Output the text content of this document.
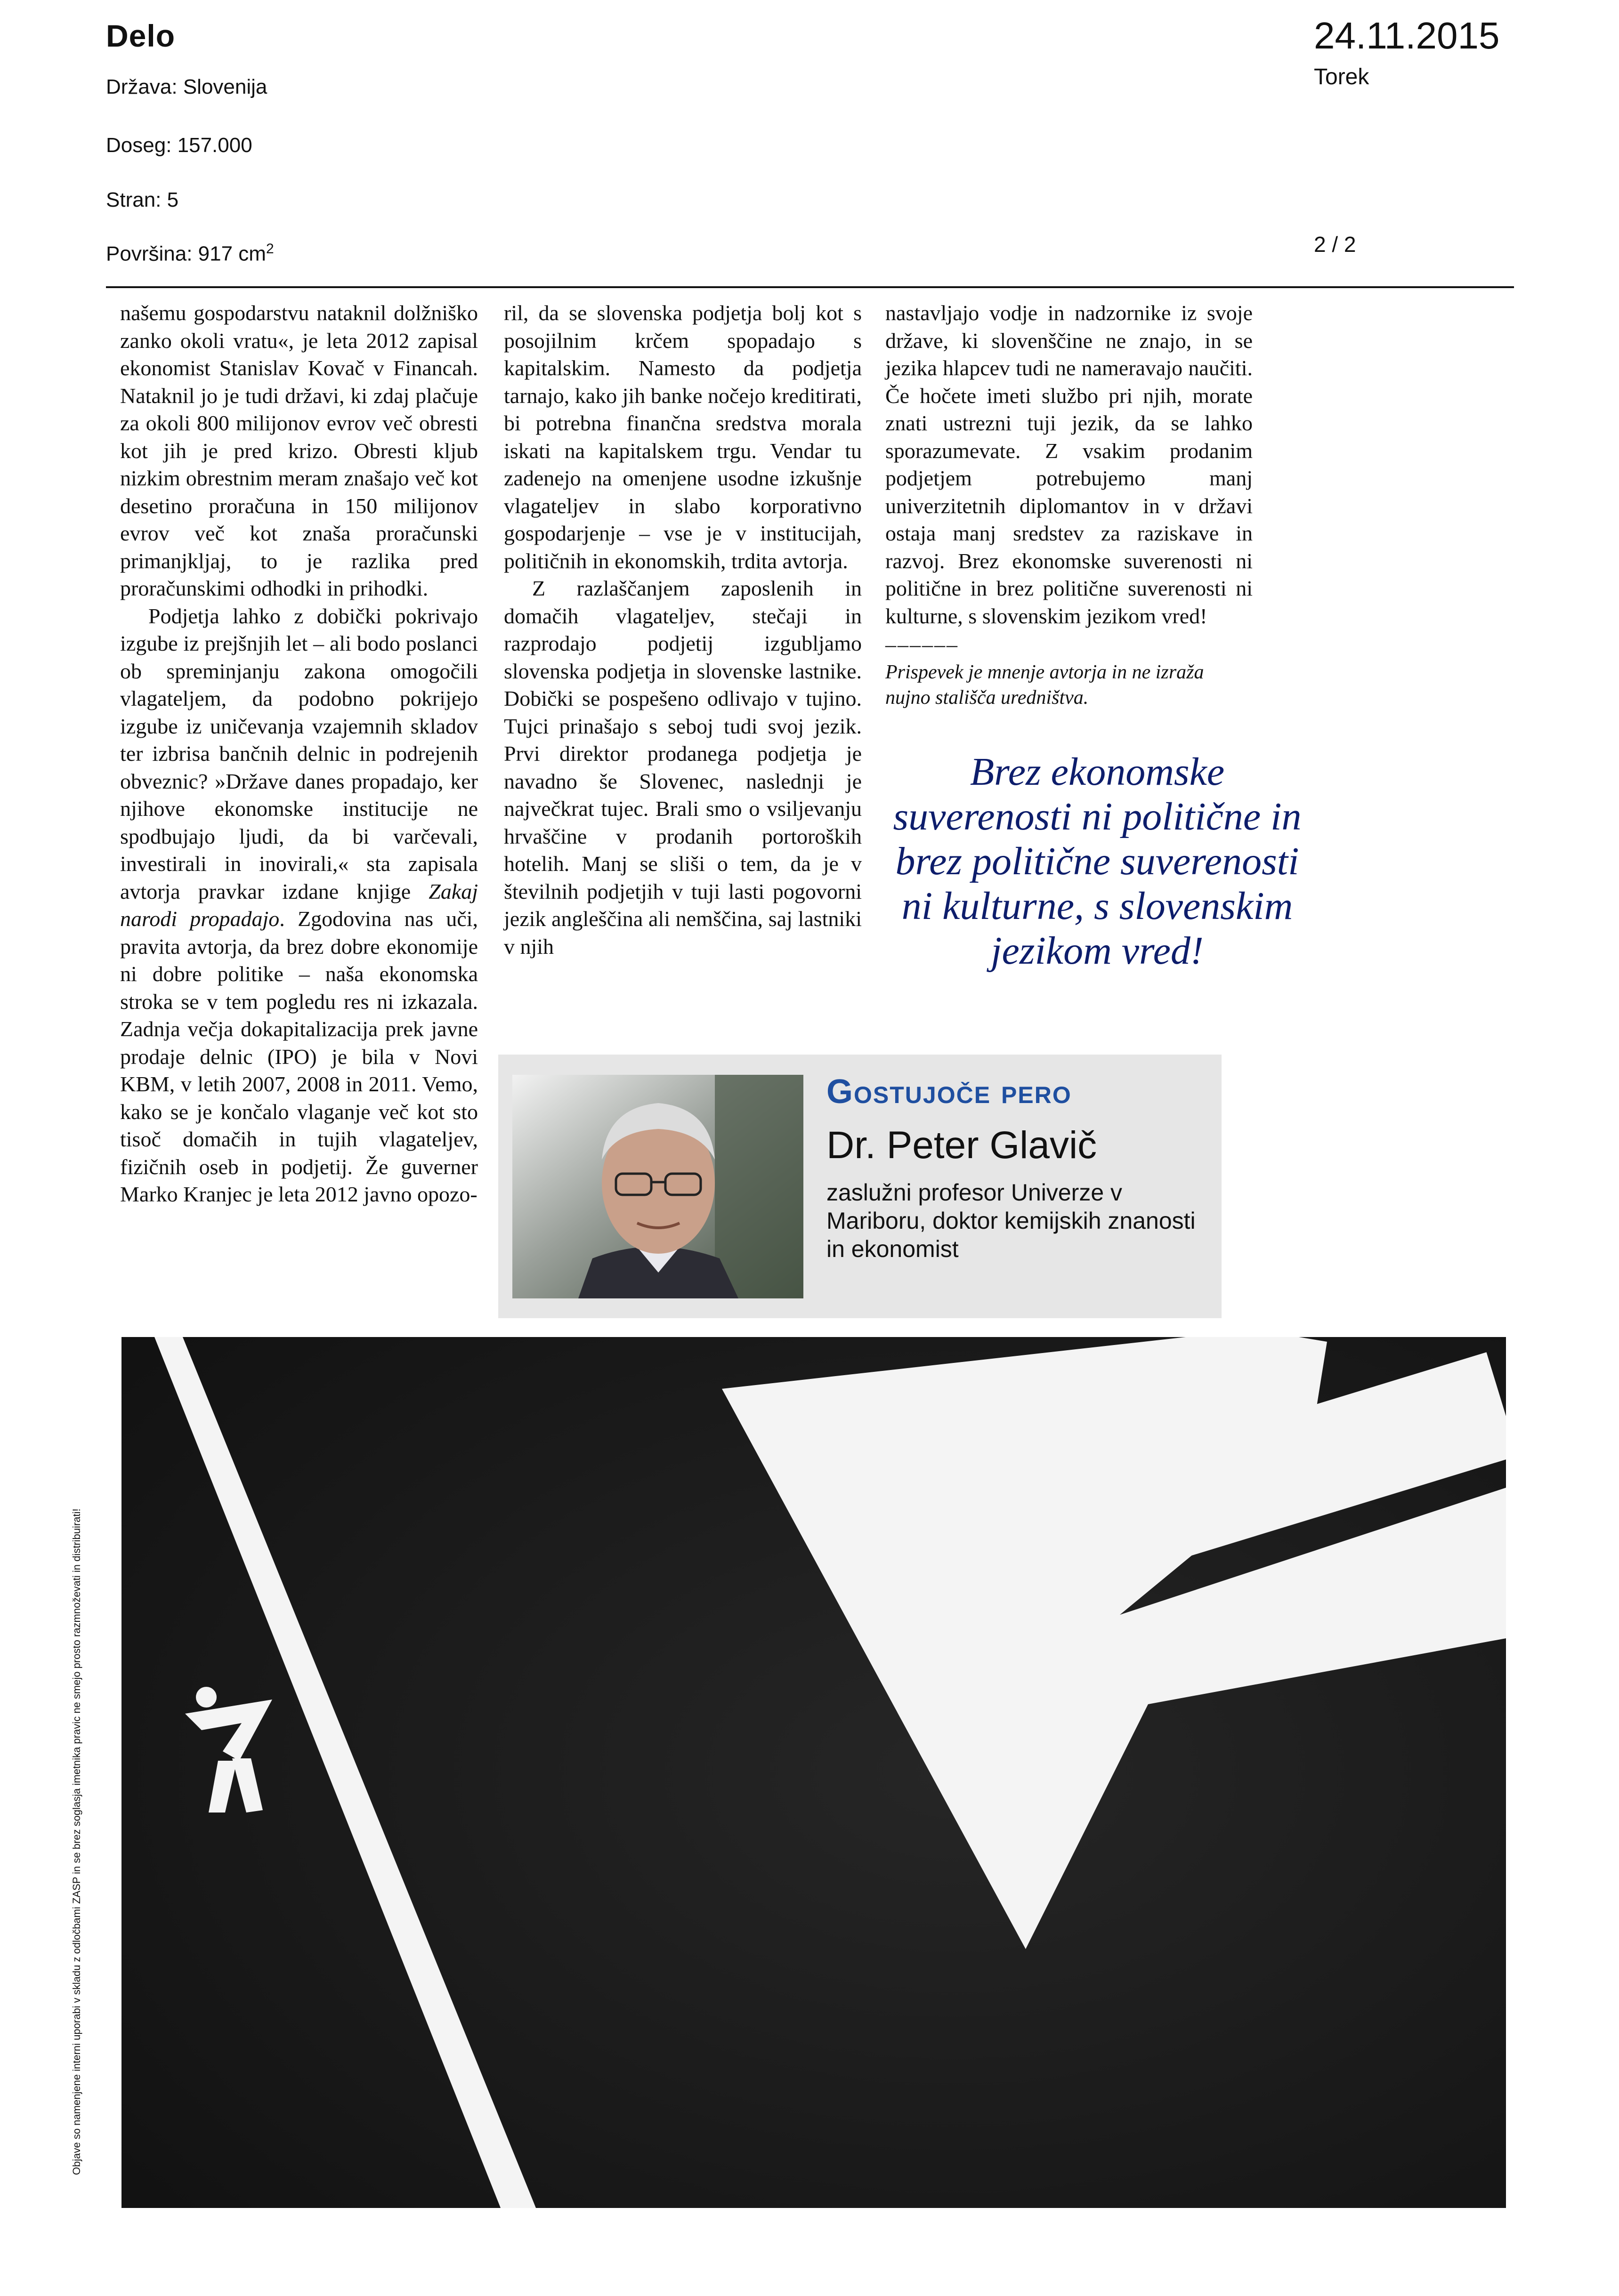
Delo
Država: Slovenija
Doseg: 157.000
Stran: 5
Površina: 917 $cm^2$
24.11.2015
Torek
2 / 2

našemu gospodarstvu nataknil dolžniško zanko okoli vratu«, je leta 2012 zapisal ekonomist Stanislav Kovač v Financah. Nataknil jo je tudi državi, ki zdaj plačuje za okoli 800 milijonov evrov več obresti kot jih je pred krizo. Obresti kljub nizkim obrestnim meram znašajo več kot desetino proračuna in 150 milijonov evrov več kot znaša proračunski primanjkljaj, to je razlika pred proračunskimi odhodki in prihodki.

Podjetja lahko z dobički pokrivajo izgube iz prejšnjih let – ali bodo poslanci ob spreminjanju zakona omogočili vlagateljem, da podobno pokrijejo izgube iz uničevanja vzajemnih skladov ter izbrisa bančnih delnic in podrejenih obveznic? »Države danes propadajo, ker njihove ekonomske institucije ne spodbujajo ljudi, da bi varčevali, investirali in inovirali,« sta zapisala avtorja pravkar izdane knjige Zakaj narodi propadajo. Zgodovina nas uči, pravita avtorja, da brez dobre ekonomije ni dobre politike – naša ekonomska stroka se v tem pogledu res ni izkazala. Zadnja večja dokapitalizacija prek javne prodaje delnic (IPO) je bila v Novi KBM, v letih 2007, 2008 in 2011. Vemo, kako se je končalo vlaganje več kot sto tisoč domačih in tujih vlagateljev, fizičnih oseb in podjetij. Že guverner Marko Kranjec je leta 2012 javno opozo-

ril, da se slovenska podjetja bolj kot s posojilnim krčem spopadajo s kapitalskim. Namesto da podjetja tarnajo, kako jih banke nočejo kreditirati, bi potrebna finančna sredstva morala iskati na kapitalskem trgu. Vendar tu zadenejo na omenjene usodne izkušnje vlagateljev in slabo korporativno gospodarjenje – vse je v institucijah, političnih in ekonomskih, trdita avtorja.

Z razlaščanjem zaposlenih in domačih vlagateljev, stečaji in razprodajo podjetij izgubljamo slovenska podjetja in slovenske lastnike. Dobički se pospešeno odlivajo v tujino. Tujci prinašajo s seboj tudi svoj jezik. Prvi direktor prodanega podjetja je navadno še Slovenec, naslednji je največkrat tujec. Brali smo o vsiljevanju hrvaščine v prodanih portoroških hotelih. Manj se sliši o tem, da je v številnih podjetjih v tuji lasti pogovorni jezik angleščina ali nemščina, saj lastniki v njih

nastavljajo vodje in nadzornike iz svoje države, ki slovenščine ne znajo, in se jezika hlapcev tudi ne nameravajo naučiti. Če hočete imeti službo pri njih, morate znati ustrezni tuji jezik, da se lahko sporazumevate. Z vsakim prodanim podjetjem potrebujemo manj univerzitetnih diplomantov in v državi ostaja manj sredstev za raziskave in razvoj. Brez ekonomske suverenosti ni politične in brez politične suverenosti ni kulturne, s slovenskim jezikom vred!

––––––
Prispevek je mnenje avtorja in ne izraža nujno stališča uredništva.
Brez ekonomske suverenosti ni politične in brez politične suverenosti ni kulturne, s slovenskim jezikom vred!
Gostujoče pero
Dr. Peter Glavič
zaslužni profesor Univerze v Mariboru, doktor kemijskih znanosti in ekonomist
Objave so namenjene interni uporabi v skladu z odločbami ZASP in se brez soglasja imetnika pravic ne smejo prosto razmnoževati in distribuirati!
